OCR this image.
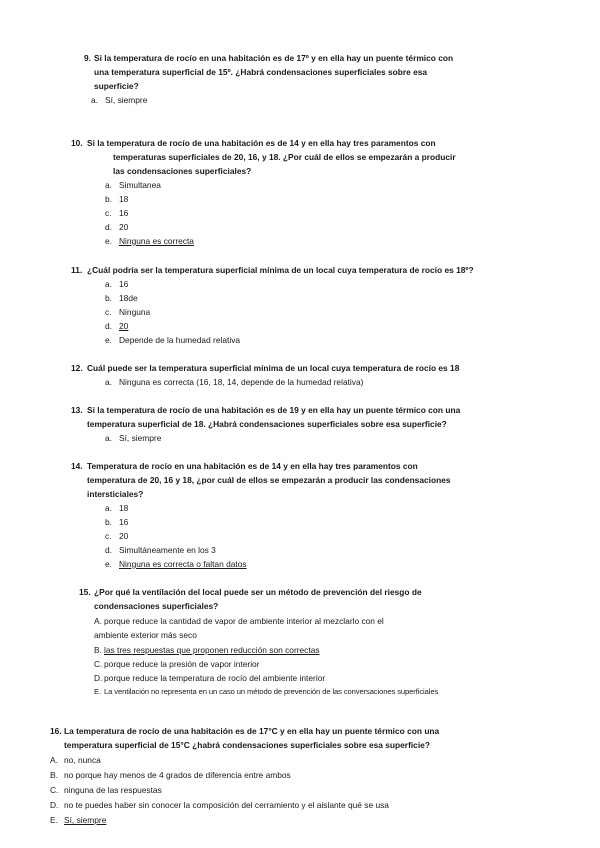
9. Si la temperatura de rocío en una habitación es de 17º y en ella hay un puente térmico con
una temperatura superficial de 15º. ¿Habrá condensaciones superficiales sobre esa
superficie?
a. Sí, siempre
10. Si la temperatura de rocío de una habitación es de 14 y en ella hay tres paramentos con
temperaturas superficiales de 20, 16, y 18. ¿Por cuál de ellos se empezarán a producir
las condensaciones superficiales?
a. Simultanea
b. 18
c. 16
d. 20
e. Ninguna es correcta
11. ¿Cuál podría ser la temperatura superficial mínima de un local cuya temperatura de rocío es 18º?
a. 16
b. 18de
c. Ninguna
d. 20
e. Depende de la humedad relativa
12. Cuál puede ser la temperatura superficial mínima de un local cuya temperatura de rocío es 18
a. Ninguna es correcta (16, 18, 14, depende de la humedad relativa)
13. Si la temperatura de rocío de una habitación es de 19 y en ella hay un puente térmico con una
temperatura superficial de 18. ¿Habrá condensaciones superficiales sobre esa superficie?
a. Sí, siempre
14. Temperatura de rocío en una habitación es de 14 y en ella hay tres paramentos con
temperatura de 20, 16 y 18, ¿por cuál de ellos se empezarán a producir las condensaciones
intersticiales?
a. 18
b. 16
c. 20
d. Simultáneamente en los 3
e. Ninguna es correcta o faltan datos
15. ¿Por qué la ventilación del local puede ser un método de prevención del riesgo de
condensaciones superficiales?
A. porque reduce la cantidad de vapor de ambiente interior al mezclarlo con el
ambiente exterior más seco
B. las tres respuestas que proponen reducción son correctas
C. porque reduce la presión de vapor interior
D. porque reduce la temperatura de rocío del ambiente interior
E. La ventilación no representa en un caso un método de prevención de las conversaciones superficiales
16. La temperatura de rocío de una habitación es de 17°C y en ella hay un puente térmico con una
temperatura superficial de 15°C ¿habrá condensaciones superficiales sobre esa superficie?
A. no, nunca
B. no porque hay menos de 4 grados de diferencia entre ambos
C. ninguna de las respuestas
D. no te puedes haber sin conocer la composición del cerramiento y el aislante qué se usa
E. Sí, siempre
